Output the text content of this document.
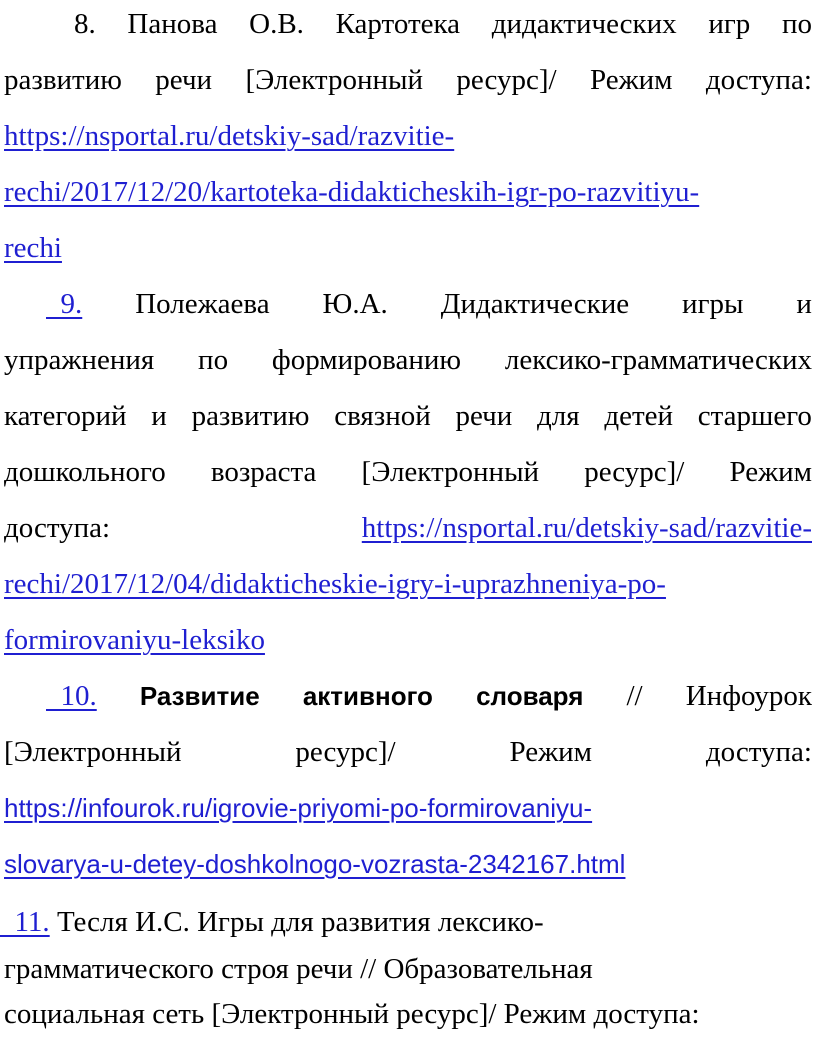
8. Панова О.В. Картотека дидактических игр по
развитию речи [Электронный ресурс]/ Режим доступа:
https://nsportal.ru/detskiy-sad/razvitie-
rechi/2017/12/20/kartoteka-didakticheskih-igr-po-razvitiyu-
rechi
9. Полежаева Ю.А. Дидактические игры и
упражнения по формированию лексико-грамматических
категорий и развитию связной речи для детей старшего
дошкольного возраста [Электронный ресурс]/ Режим
доступа:	https://nsportal.ru/detskiy-sad/razvitie-
rechi/2017/12/04/didakticheskie-igry-i-uprazhneniya-po-
formirovaniyu-leksiko
10. Развитие активного словаря // Инфоурок
[Электронный	ресурс]/	Режим	доступа:
https://infourok.ru/igrovie-priyomi-po-formirovaniyu-
slovarya-u-detey-doshkolnogo-vozrasta-2342167.html
11. Тесля И.С. Игры для развития лексико-
грамматического строя речи // Образовательная
социальная сеть [Электронный ресурс]/ Режим доступа:
